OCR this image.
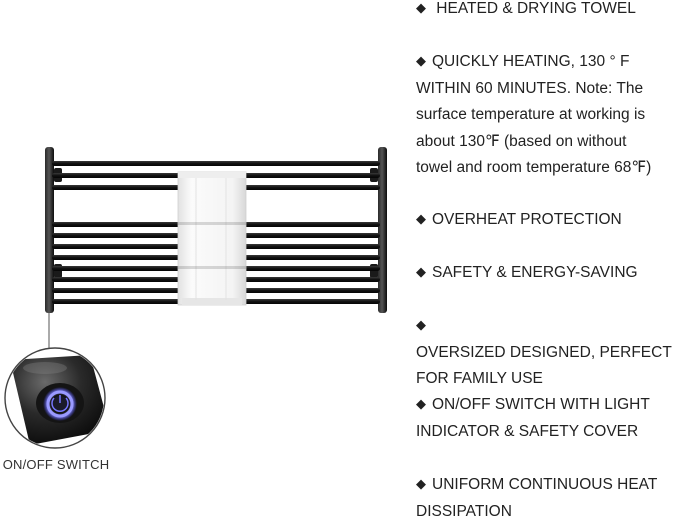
ON/OFF SWITCH
◆ HEATED & DRYING TOWEL
◆ QUICKLY HEATING, 130 ° F
WITHIN 60 MINUTES. Note: The
surface temperature at working is
about 130℉ (based on without
towel and room temperature 68℉)
◆ OVERHEAT PROTECTION
◆ SAFETY & ENERGY-SAVING
◆OVERSIZED DESIGNED, PERFECT
FOR FAMILY USE
◆ ON/OFF SWITCH WITH LIGHT
INDICATOR & SAFETY COVER
◆ UNIFORM CONTINUOUS HEAT
DISSIPATION
